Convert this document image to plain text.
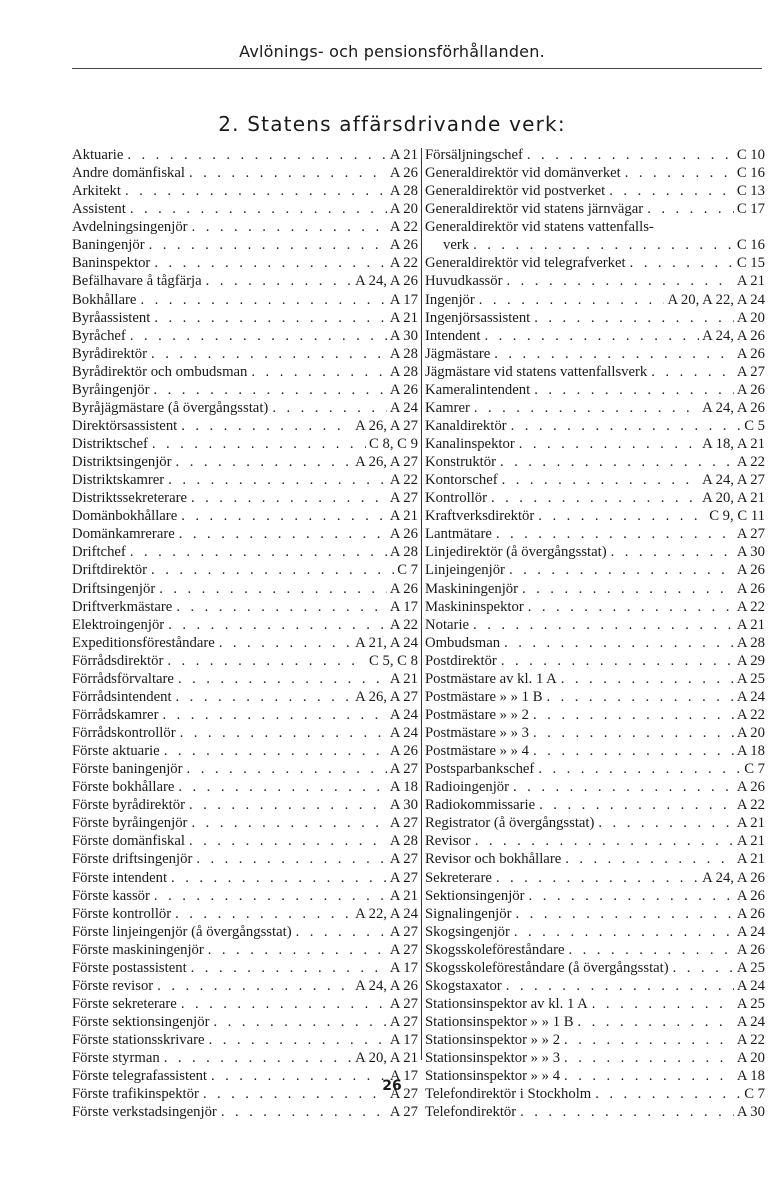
Avlönings- och pensionsförhållanden.
2. Statens affärsdrivande verk:
Aktuarie . . .	A 21
Andre domänfiskal . . .	A 26
Arkitekt . . .	A 28
Assistent . . .	A 20
Avdelningsingenjör . . .	A 22
Baningenjör . . .	A 26
Baninspektor . . .	A 22
Befälhavare å tågfärja . . .	A 24, A 26
Bokhållare . . .	A 17
Byråassistent . . .	A 21
Byråchef . . .	A 30
Byrådirektör . . .	A 28
Byrådirektör och ombudsman . . .	A 28
Byråingenjör . . .	A 26
Byråjägmästare (å övergångsstat) . . .	A 24
Direktörsassistent . . .	A 26, A 27
Distriktschef . . .	C 8, C 9
Distriktsingenjör . . .	A 26, A 27
Distriktskamrer . . .	A 22
Distriktssekreterare . . .	A 27
Domänbokhållare . . .	A 21
Domänkamrerare . . .	A 26
Driftchef . . .	A 28
Driftdirektör . . .	C 7
Driftsingenjör . . .	A 26
Driftverkmästare . . .	A 17
Elektroingenjör . . .	A 22
Expeditionsföreståndare . . .	A 21, A 24
Förrådsdirektör . . .	C 5, C 8
Förrådsförvaltare . . .	A 21
Förrådsintendent . . .	A 26, A 27
Förrådskamrer . . .	A 24
Förrådskontrollör . . .	A 24
Förste aktuarie . . .	A 26
Förste baningenjör . . .	A 27
Förste bokhållare . . .	A 18
Förste byrådirektör . . .	A 30
Förste byråingenjör . . .	A 27
Förste domänfiskal . . .	A 28
Förste driftsingenjör . . .	A 27
Förste intendent . . .	A 27
Förste kassör . . .	A 21
Förste kontrollör . . .	A 22, A 24
Förste linjeingenjör (å övergångsstat) . . .	A 27
Förste maskiningenjör . . .	A 27
Förste postassistent . . .	A 17
Förste revisor . . .	A 24, A 26
Förste sekreterare . . .	A 27
Förste sektionsingenjör . . .	A 27
Förste stationsskrivare . . .	A 17
Förste styrman . . .	A 20, A 21
Förste telegrafassistent . . .	A 17
Förste trafikinspektör . . .	A 27
Förste verkstadsingenjör . . .	A 27
Försäljningschef . . .	C 10
Generaldirektör vid domänverket . . .	C 16
Generaldirektör vid postverket . . .	C 13
Generaldirektör vid statens järnvägar . . .	C 17
Generaldirektör vid statens vattenfalls-
verk . . .	C 16
Generaldirektör vid telegrafverket . . .	C 15
Huvudkassör . . .	A 21
Ingenjör . . .	A 20, A 22, A 24
Ingenjörsassistent . . .	A 20
Intendent . . .	A 24, A 26
Jägmästare . . .	A 26
Jägmästare vid statens vattenfallsverk . . .	A 27
Kameralintendent . . .	A 26
Kamrer . . .	A 24, A 26
Kanaldirektör . . .	C 5
Kanalinspektor . . .	A 18, A 21
Konstruktör . . .	A 22
Kontorschef . . .	A 24, A 27
Kontrollör . . .	A 20, A 21
Kraftverksdirektör . . .	C 9, C 11
Lantmätare . . .	A 27
Linjedirektör (å övergångsstat) . . .	A 30
Linjeingenjör . . .	A 26
Maskiningenjör . . .	A 26
Maskininspektor . . .	A 22
Notarie . . .	A 21
Ombudsman . . .	A 28
Postdirektör . . .	A 29
Postmästare av kl. 1 A . . .	A 25
Postmästare » » 1 B . . .	A 24
Postmästare » » 2 . . .	A 22
Postmästare » » 3 . . .	A 20
Postmästare » » 4 . . .	A 18
Postsparbankschef . . .	C 7
Radioingenjör . . .	A 26
Radiokommissarie . . .	A 22
Registrator (å övergångsstat) . . .	A 21
Revisor . . .	A 21
Revisor och bokhållare . . .	A 21
Sekreterare . . .	A 24, A 26
Sektionsingenjör . . .	A 26
Signalingenjör . . .	A 26
Skogsingenjör . . .	A 24
Skogsskoleföreståndare . . .	A 26
Skogsskoleföreståndare (å övergångsstat) . . .	A 25
Skogstaxator . . .	A 24
Stationsinspektor av kl. 1 A . . .	A 25
Stationsinspektor » » 1 B . . .	A 24
Stationsinspektor » » 2 . . .	A 22
Stationsinspektor » » 3 . . .	A 20
Stationsinspektor » » 4 . . .	A 18
Telefondirektör i Stockholm . . .	C 7
Telefondirektör . . .	A 30
26
